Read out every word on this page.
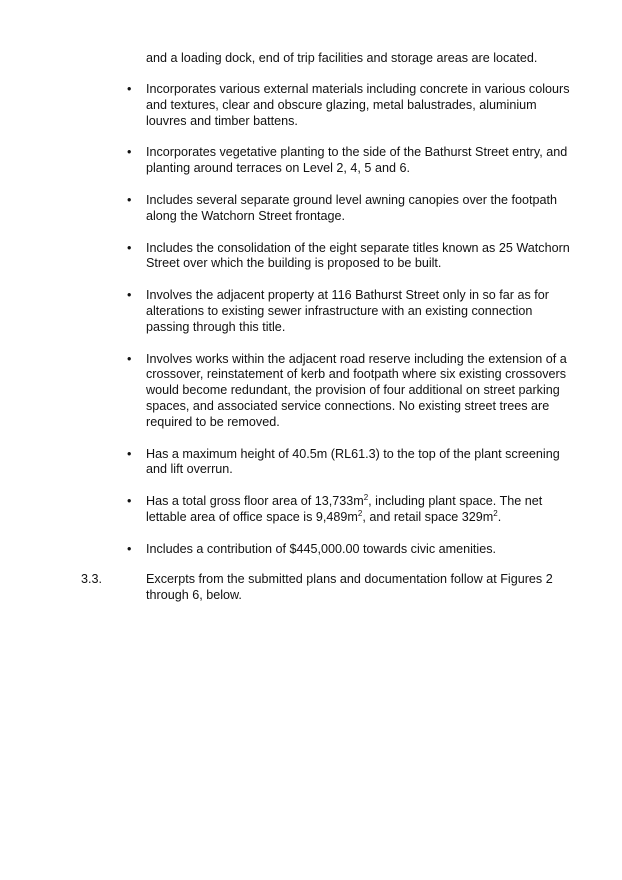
and a loading dock, end of trip facilities and storage areas are located.

•	Incorporates various external materials including concrete in various colours and textures, clear and obscure glazing, metal balustrades, aluminium louvres and timber battens.
•	Incorporates vegetative planting to the side of the Bathurst Street entry, and planting around terraces on Level 2, 4, 5 and 6.
•	Includes several separate ground level awning canopies over the footpath along the Watchorn Street frontage.
•	Includes the consolidation of the eight separate titles known as 25 Watchorn Street over which the building is proposed to be built.
•	Involves the adjacent property at 116 Bathurst Street only in so far as for alterations to existing sewer infrastructure with an existing connection passing through this title.
•	Involves works within the adjacent road reserve including the extension of a crossover, reinstatement of kerb and footpath where six existing crossovers would become redundant, the provision of four additional on street parking spaces, and associated service connections. No existing street trees are required to be removed.
•	Has a maximum height of 40.5m (RL61.3) to the top of the plant screening and lift overrun.
•	Has a total gross floor area of $13,733m^2$, including plant space. The net lettable area of office space is $9,489m^2$, and retail space $329m^2$.
•	Includes a contribution of $445,000.00 towards civic amenities.
3.3.	Excerpts from the submitted plans and documentation follow at Figures 2 through 6, below.
